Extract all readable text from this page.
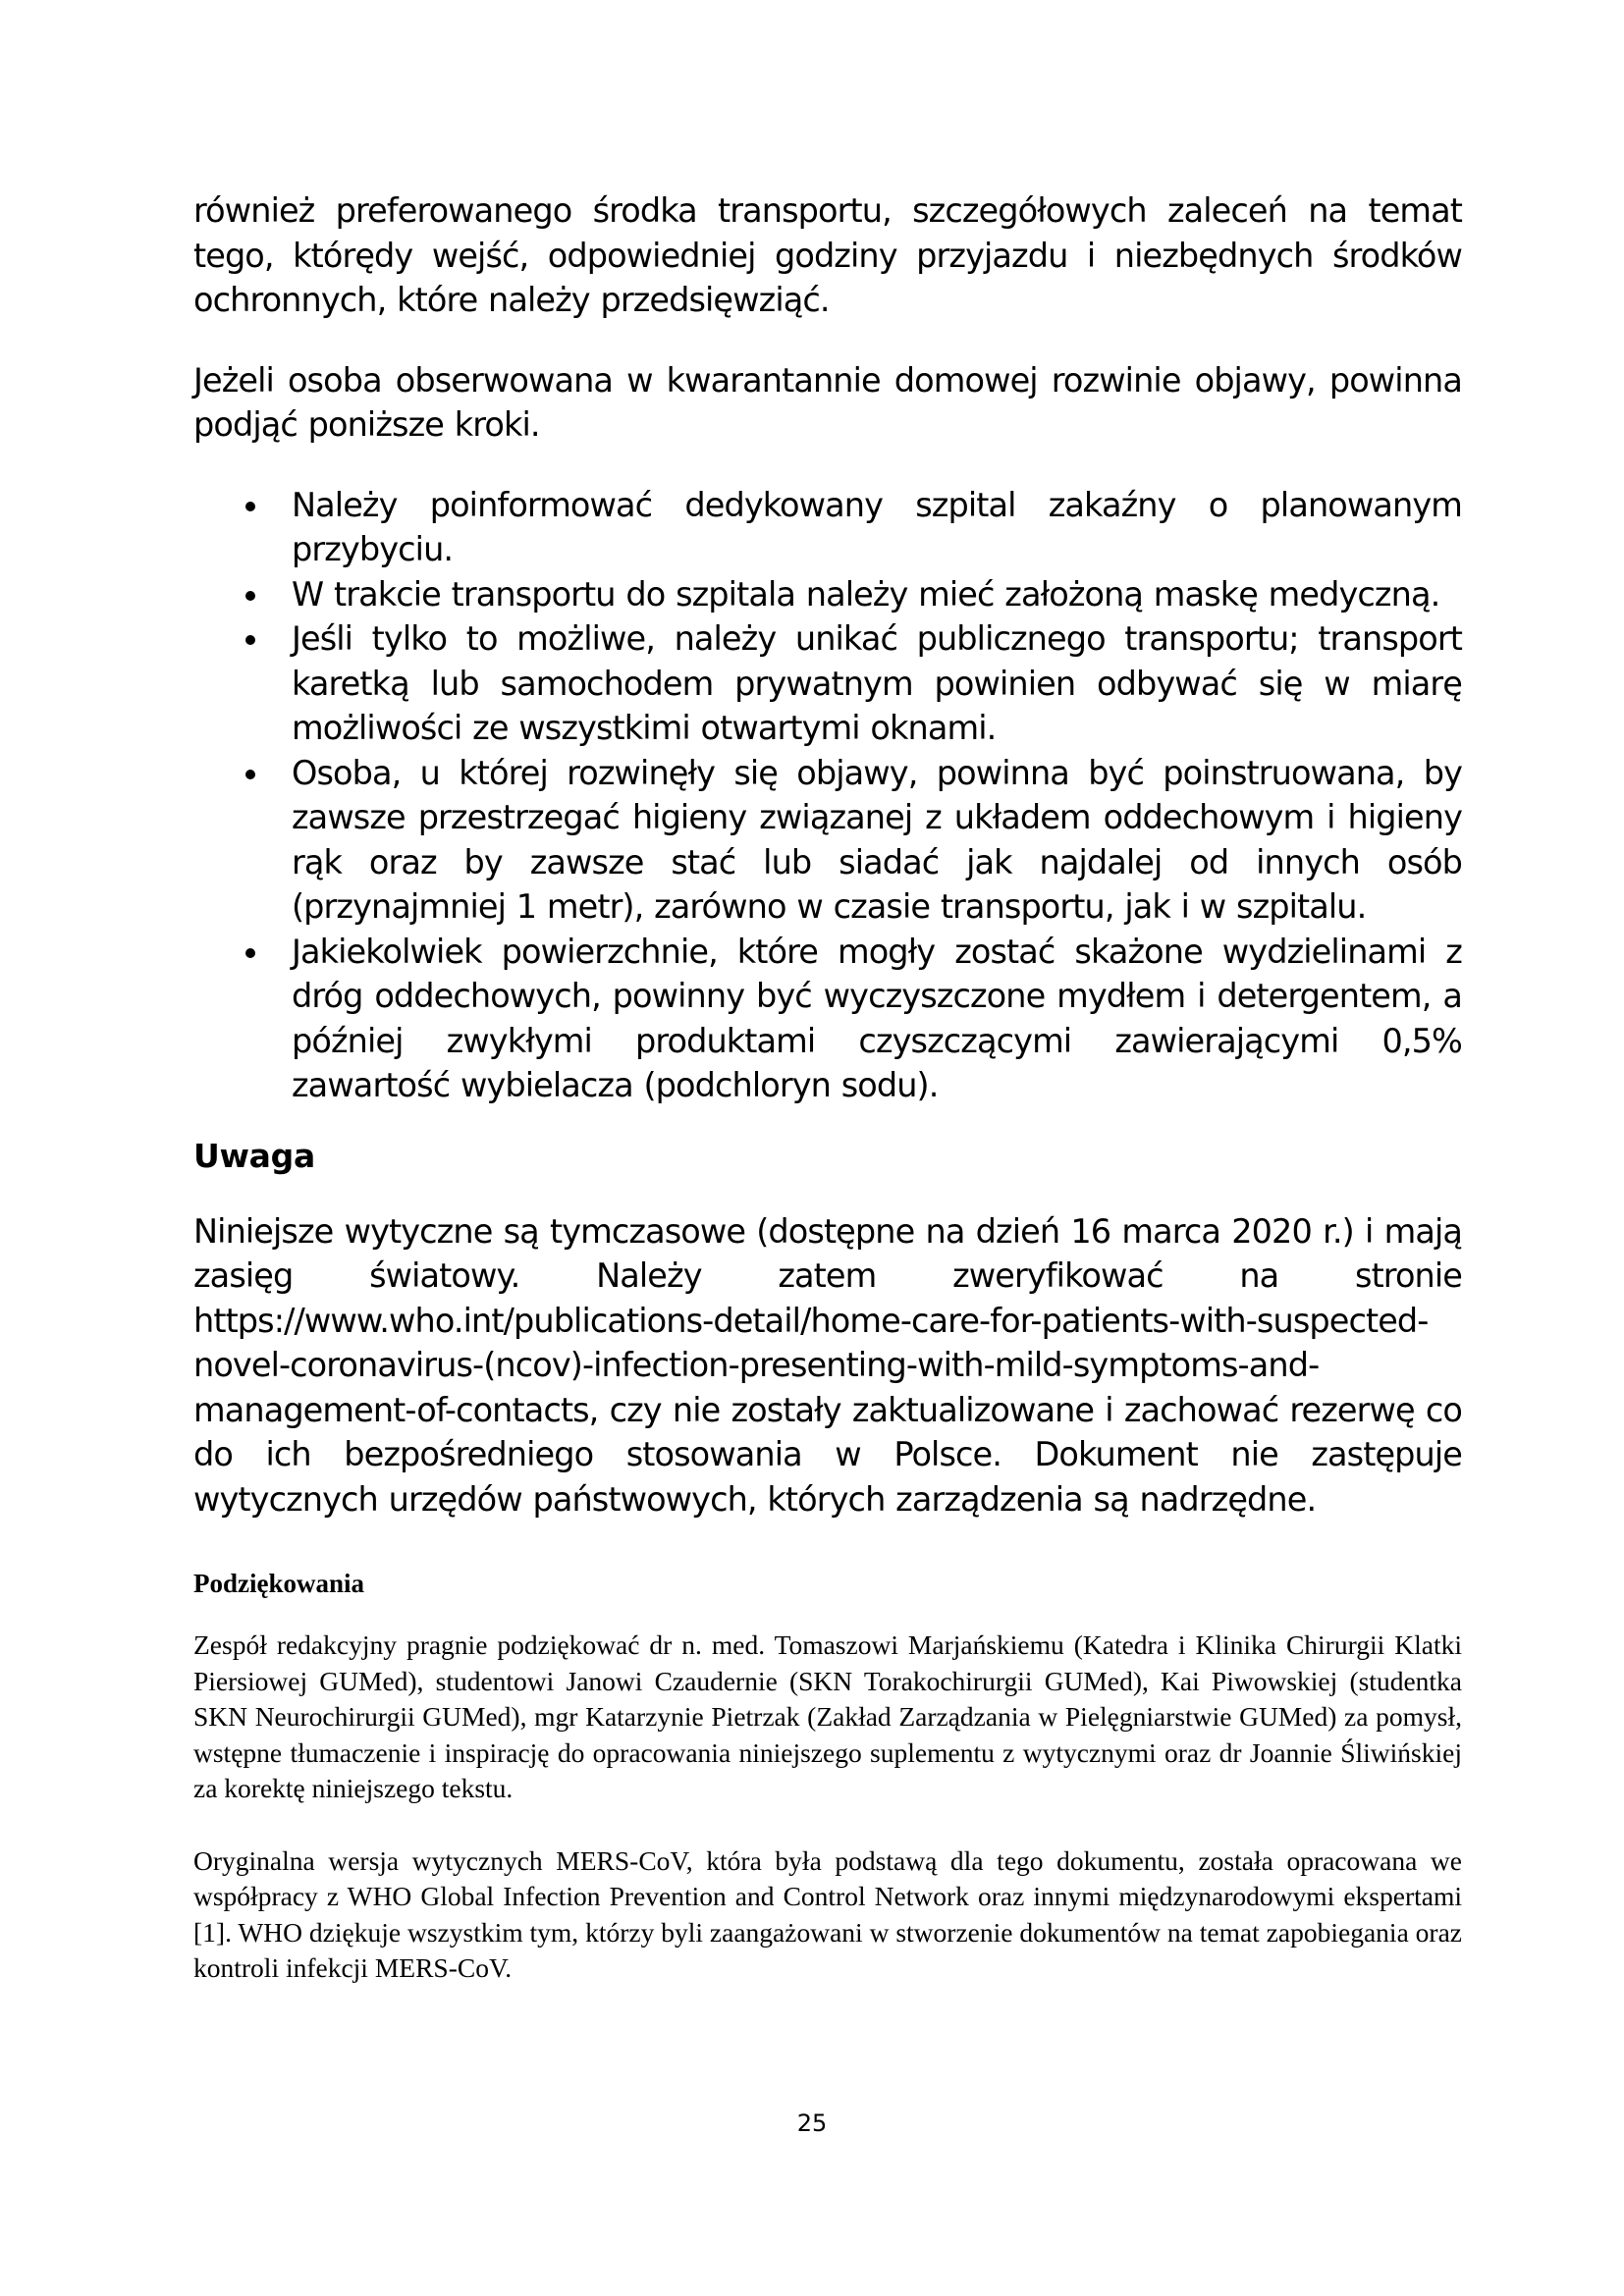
również preferowanego środka transportu, szczegółowych zaleceń na temat tego, którędy wejść, odpowiedniej godziny przyjazdu i niezbędnych środków ochronnych, które należy przedsięwziąć.

Jeżeli osoba obserwowana w kwarantannie domowej rozwinie objawy, powinna podjąć poniższe kroki.

Należy poinformować dedykowany szpital zakaźny o planowanym przybyciu.
W trakcie transportu do szpitala należy mieć założoną maskę medyczną.
Jeśli tylko to możliwe, należy unikać publicznego transportu; transport karetką lub samochodem prywatnym powinien odbywać się w miarę możliwości ze wszystkimi otwartymi oknami.
Osoba, u której rozwinęły się objawy, powinna być poinstruowana, by zawsze przestrzegać higieny związanej z układem oddechowym i higieny rąk oraz by zawsze stać lub siadać jak najdalej od innych osób (przynajmniej 1 metr), zarówno w czasie transportu, jak i w szpitalu.
Jakiekolwiek powierzchnie, które mogły zostać skażone wydzielinami z dróg oddechowych, powinny być wyczyszczone mydłem i detergentem, a później zwykłymi produktami czyszczącymi zawierającymi 0,5% zawartość wybielacza (podchloryn sodu).
Uwaga

Niniejsze wytyczne są tymczasowe (dostępne na dzień 16 marca 2020 r.) i mają zasięg światowy. Należy zatem zweryfikować na stronie https://www.who.int/publications-detail/home-care-for-patients-with-suspected-novel-coronavirus-(ncov)-infection-presenting-with-mild-symptoms-and-management-of-contacts, czy nie zostały zaktualizowane i zachować rezerwę co do ich bezpośredniego stosowania w Polsce. Dokument nie zastępuje wytycznych urzędów państwowych, których zarządzenia są nadrzędne.

Podziękowania

Zespół redakcyjny pragnie podziękować dr n. med. Tomaszowi Marjańskiemu (Katedra i Klinika Chirurgii Klatki Piersiowej GUMed), studentowi Janowi Czaudernie (SKN Torakochirurgii GUMed), Kai Piwowskiej (studentka SKN Neurochirurgii GUMed), mgr Katarzynie Pietrzak (Zakład Zarządzania w Pielęgniarstwie GUMed) za pomysł, wstępne tłumaczenie i inspirację do opracowania niniejszego suplementu z wytycznymi oraz dr Joannie Śliwińskiej za korektę niniejszego tekstu.

Oryginalna wersja wytycznych MERS-CoV, która była podstawą dla tego dokumentu, została opracowana we współpracy z WHO Global Infection Prevention and Control Network oraz innymi międzynarodowymi ekspertami [1]. WHO dziękuje wszystkim tym, którzy byli zaangażowani w stworzenie dokumentów na temat zapobiegania oraz kontroli infekcji MERS-CoV.

25
